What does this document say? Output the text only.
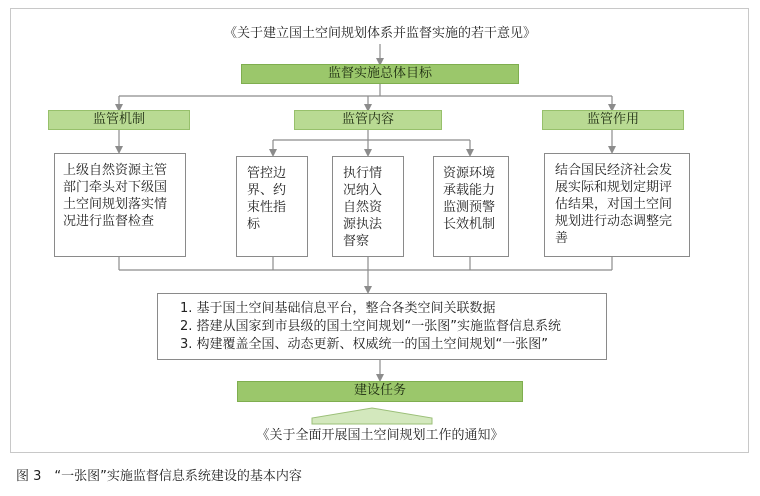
《关于建立国土空间规划体系并监督实施的若干意见》
监督实施总体目标
监管机制	监管内容	监管作用
上级自然资源主管部门牵头对下级国土空间规划落实情况进行监督检查
管控边界、约束性指标
执行情况纳入自然资源执法督察
资源环境承载能力监测预警长效机制
结合国民经济社会发展实际和规划定期评估结果，对国土空间规划进行动态调整完善
1. 基于国土空间基础信息平台，整合各类空间关联数据
2. 搭建从国家到市县级的国土空间规划“一张图”实施监督信息系统
3. 构建覆盖全国、动态更新、权威统一的国土空间规划“一张图”
建设任务
《关于全面开展国土空间规划工作的通知》
图 3　“一张图”实施监督信息系统建设的基本内容
